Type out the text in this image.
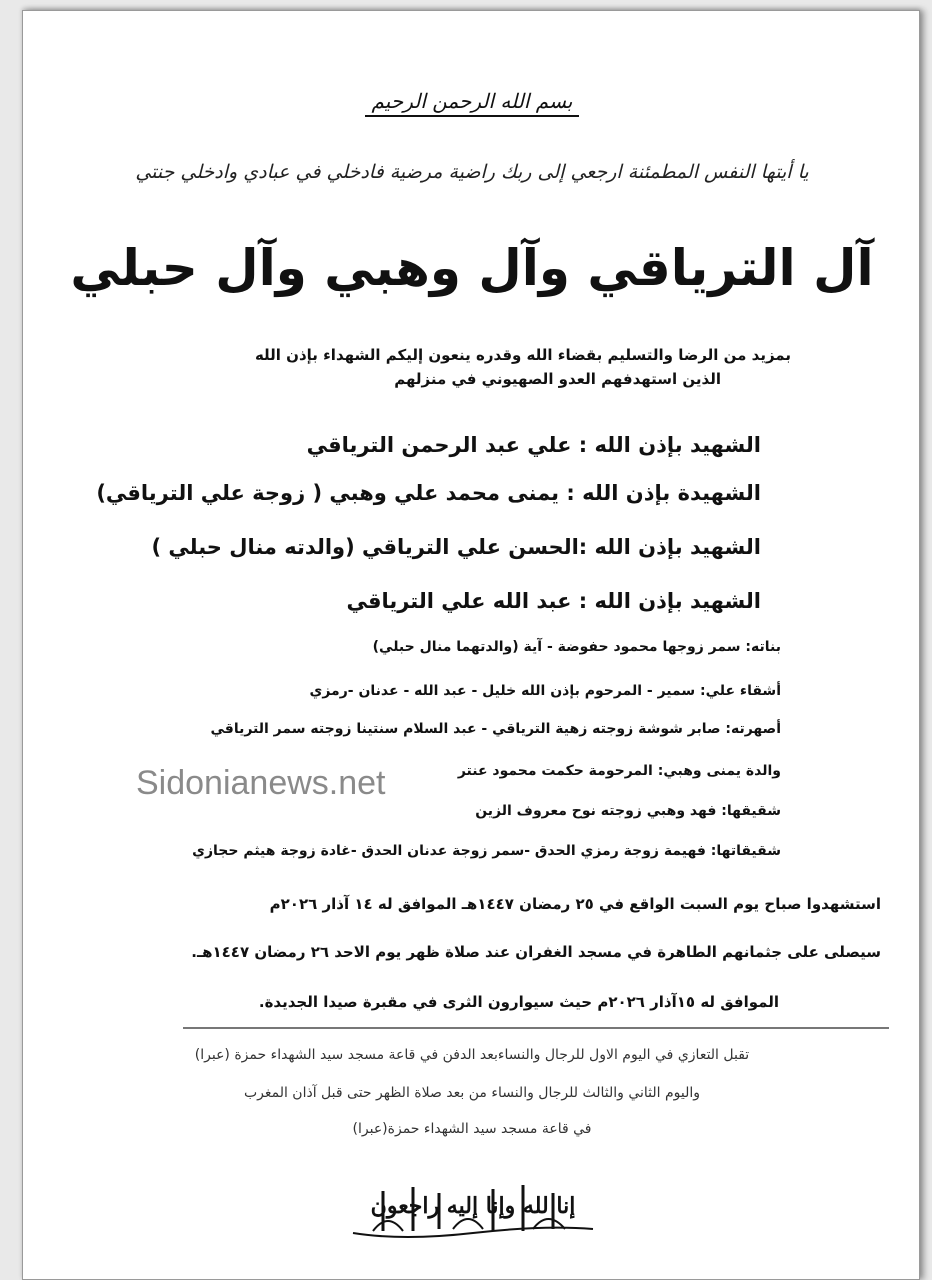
بسم الله الرحمن الرحيم
يا أيتها النفس المطمئنة ارجعي إلى ربك راضية مرضية فادخلي في عبادي وادخلي جنتي
آل الترياقي وآل وهبي وآل حبلي
بمزيد من الرضا والتسليم بقضاء الله وقدره ينعون إليكم الشهداء بإذن الله
الذين استهدفهم العدو الصهيوني في منزلهم
الشهيد بإذن الله : علي عبد الرحمن الترياقي
الشهيدة بإذن الله : يمنى محمد علي وهبي ( زوجة علي الترياقي)
الشهيد بإذن الله :الحسن علي الترياقي (والدته منال حبلي )
الشهيد بإذن الله : عبد الله علي الترياقي
بناته: سمر زوجها محمود حفوضة - آية (والدتهما منال حبلي)
أشقاء علي: سمير - المرحوم بإذن الله خليل - عبد الله - عدنان -رمزي
أصهرته: صابر شوشة زوجته زهية الترياقي - عبد السلام سنتينا زوجته سمر الترياقي
والدة يمنى وهبي: المرحومة حكمت محمود عنتر
شقيقها: فهد وهبي زوجته نوح معروف الزين
شقيقاتها: فهيمة زوجة رمزي الحدق -سمر زوجة عدنان الحدق -غادة زوجة هيثم حجازي
استشهدوا صباح يوم السبت الواقع في ٢٥ رمضان ١٤٤٧هـ الموافق له ١٤ آذار ٢٠٢٦م
سيصلى على جثمانهم الطاهرة في مسجد الغفران عند صلاة ظهر يوم الاحد ٢٦ رمضان ١٤٤٧هـ.
الموافق له ١٥آذار ٢٠٢٦م حيث سيوارون الثرى في مقبرة صيدا الجديدة.
تقبل التعازي في اليوم الاول للرجال والنساءبعد الدفن في قاعة مسجد سيد الشهداء حمزة (عبرا)
واليوم الثاني والثالث للرجال والنساء من بعد صلاة الظهر حتى قبل آذان المغرب
في قاعة مسجد سيد الشهداء حمزة(عبرا)
إنا لله وإنا إليه راجعون
Sidonianews.net
